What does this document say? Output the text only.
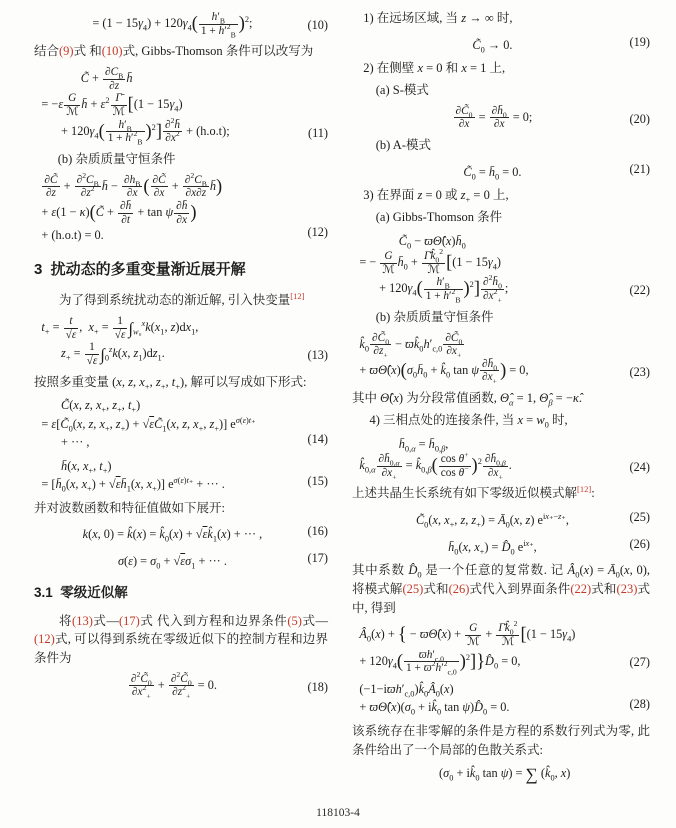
= $(1 - 15\gamma_4) + 120\gamma_4( \frac{h'_B}{1 + h'^2_B} )^2$;	(10)
结合(9)式 和(10)式, Gibbs-Thomson 条件可以改写为
C̃ + $\frac{\partial C_B}{\partial z}$ h̄
= −ε G
ℳ
h̄ + $\varepsilon^2$ Γ̄
ℳ [$(1 - 15\gamma_4)$
+ $120\gamma_4( \frac{h'_B}{1 + h'^2_B} )^2] \frac{\partial^2h̄}{\partial x^2} + (h.o.t)$;	(11)
(b) 杂质质量守恒条件
$\frac{\partial C̃}{\partial z} + \frac{\partial^2C_B}{\partial z^2}$ h̄ − $\frac{\partial h_B}{\partial x}$ ( $\frac{\partial C̃}{\partial x} + \frac{\partial^2C_B}{\partial x\partial z}$ h̄)
+ ε(1 − κ)(C̃ + $\frac{\partial h̄}{\partial t} + \tan \psi \frac{\partial h̄}{\partial x}$ )
+ (h.o.t) = 0.	(12)
3  扰动态的多重变量渐近展开解
为了得到系统扰动态的渐近解, 引入快变量[12]
$t_+ = \frac{t}{√\varepsilon}$ ,  $x_+ = \frac{1}{√\varepsilon} \int_{w_0}^xk(x_1$, $z)dx_1$,
$z_+ = \frac{1}{√\varepsilon} \int_0^zk(x$, $z_1)dz_1$.	(13)
按照多重变量 (x, z, $x_+$, $z_+$, $t_+$), 解可以写成如下形式:
C̃(x, z, $x_+$, $z_+$, $t_+$)
= $\varepsilon[C̃_0(x$, z, $x_+$, $z_+$) + $√\varepsilon C̃_1(x$, z, $x_+$, $z_+$)] $e^{\sigma(\varepsilon)t_+}$
+ ··· ,	(14)
h̄(x, $x_+$, $t_+$)
= [$h̄_0(x$, $x_+$) + $√\varepsilon h̄_1(x$, $x_+$)] $e^{\sigma(\varepsilon)t_+}$ + ··· .	(15)
并对波数函数和特征值做如下展开:
k(x, 0) = k̂(x) = $k̂_0(x)$ + $√\varepsilon k̂_1(x)$ + ··· ,	(16)
$\sigma(\varepsilon) = \sigma_0 + √\varepsilon\sigma_1$ + ··· .	(17)
3.1  零级近似解
将(13)式—(17)式 代入到方程和边界条件(5)式—(12)式, 可以得到系统在零级近似下的控制方程和边界条件为
$\frac{\partial^2C̃_0}{\partial x^2_+} + \frac{\partial^2C̃_0}{\partial z^2_+} = 0$.	(18)
1) 在远场区域, 当 z → ∞ 时,
$C̃_0 \to 0$.	(19)
2) 在侧壁 x = 0 和 x = 1 上,
(a) S-模式
$\frac{\partial C̃_0}{\partial x} = \frac{\partial h̄_0}{\partial x} = 0$;	(20)
(b) A-模式
$C̃_0$ = $h̄_0 = 0$.	(21)
3) 在界面 z = 0 或 $z_+ = 0$ 上,
(a) Gibbs-Thomson 条件
$C̃_0$ − $ϖ\Thetâ(x)h̄_0$
= − G
ℳ
$h̄_0$ + $\Gammāk̂_0^2$
ℳ [$(1 - 15\gamma_4)$
+ $120\gamma_4( \frac{h'_B}{1 + h'^2_B} )^2] \frac{\partial^2h̄_0}{\partial x^2_+}$ ;	(22)
(b) 杂质质量守恒条件
$k̂_0 \frac{\partial C̃_0}{\partial z_+}$ − $ϖk̂_0h'_{c,0} \frac{\partial C̃_0}{\partial x_+}$
+ $ϖ\Thetâ(x)(\sigma_0h̄_0$ + $k̂_0$ tan ψ $\frac{\partial h̄_0}{\partial x_+}$ ) = 0,	(23)
其中 Θ̂(x) 为分段常值函数, $\Thetâ_\alpha = 1$, $\Thetâ_\beta$ = −κ̂.
4) 三相点处的连接条件, 当 $x = w_0$ 时,
$h̄_{0,\alpha}$ = $h̄_{0,\beta}$,
$k̂_{0,\alpha} \frac{\partial h̄_{0,\alpha}}{\partial x_+}$ = $k̂_{0,\beta}( \frac{\cos \theta^+}{\cos \theta^-} )^2 \frac{\partial h̄_{0,\beta}}{\partial x_+}$ .	(24)
上述共晶生长系统有如下零级近似模式解[12]:
$C̃_0(x$, $x_+$, z, $z_+$) = $Ā_0(x$, z) $e^{ix_+-z_+}$,	(25)
$h̄_0(x$, $x_+$) = $D̂_0$ $e^{ix_+}$,	(26)
其中系数 $D̂_0$ 是一个任意的复常数. 记 $Â_0(x)$ = $Ā_0(x$, 0), 将模式解(25)式和(26)式代入到界面条件(22)式和(23)式中, 得到
$Â_0(x)$ + { − ϖΘ̂(x) + G
ℳ
+ $\Gammāk̂_0^2$
ℳ [$(1 - 15\gamma_4)$
+ $120\gamma_4( \frac{ϖh'_{c,0}}{1 + ϖ^2h'^2_{c,0}}$ )$^2]\}D̂_0 = 0$,	(27)
$(-1-iϖh'_{c,0})k̂_0Â_0(x)$
+ $ϖ\Thetâ(x)(\sigma_0$ + $ik̂_0$ $\tan \psi)D̂_0 = 0$.	(28)
该系统存在非零解的条件是方程的系数行列式为零, 此条件给出了一个局部的色散关系式:
($\sigma_0$ + $ik̂_0$ tan ψ) = ∑ ($k̂_0$, x)
118103-4
